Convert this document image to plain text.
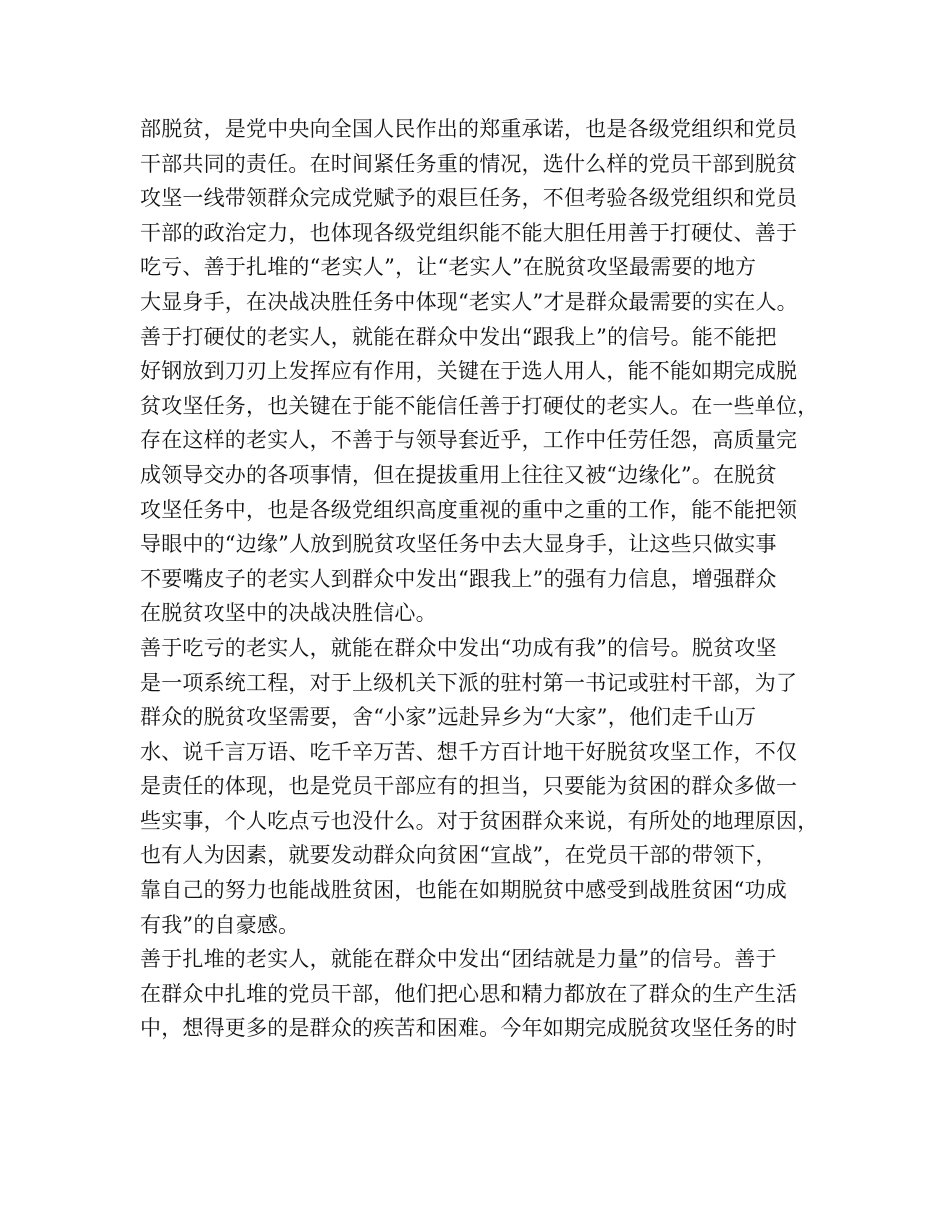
部脱贫，是党中央向全国人民作出的郑重承诺，也是各级党组织和党员
干部共同的责任。在时间紧任务重的情况，选什么样的党员干部到脱贫
攻坚一线带领群众完成党赋予的艰巨任务，不但考验各级党组织和党员
干部的政治定力，也体现各级党组织能不能大胆任用善于打硬仗、善于
吃亏、善于扎堆的“老实人”，让“老实人”在脱贫攻坚最需要的地方
大显身手，在决战决胜任务中体现“老实人”才是群众最需要的实在人。
善于打硬仗的老实人，就能在群众中发出“跟我上”的信号。能不能把
好钢放到刀刃上发挥应有作用，关键在于选人用人，能不能如期完成脱
贫攻坚任务，也关键在于能不能信任善于打硬仗的老实人。在一些单位，
存在这样的老实人，不善于与领导套近乎，工作中任劳任怨，高质量完
成领导交办的各项事情，但在提拔重用上往往又被“边缘化”。在脱贫
攻坚任务中，也是各级党组织高度重视的重中之重的工作，能不能把领
导眼中的“边缘”人放到脱贫攻坚任务中去大显身手，让这些只做实事
不要嘴皮子的老实人到群众中发出“跟我上”的强有力信息，增强群众
在脱贫攻坚中的决战决胜信心。
善于吃亏的老实人，就能在群众中发出“功成有我”的信号。脱贫攻坚
是一项系统工程，对于上级机关下派的驻村第一书记或驻村干部，为了
群众的脱贫攻坚需要，舍“小家”远赴异乡为“大家”，他们走千山万
水、说千言万语、吃千辛万苦、想千方百计地干好脱贫攻坚工作，不仅
是责任的体现，也是党员干部应有的担当，只要能为贫困的群众多做一
些实事，个人吃点亏也没什么。对于贫困群众来说，有所处的地理原因，
也有人为因素，就要发动群众向贫困“宣战”，在党员干部的带领下，
靠自己的努力也能战胜贫困，也能在如期脱贫中感受到战胜贫困“功成
有我”的自豪感。
善于扎堆的老实人，就能在群众中发出“团结就是力量”的信号。善于
在群众中扎堆的党员干部，他们把心思和精力都放在了群众的生产生活
中，想得更多的是群众的疾苦和困难。今年如期完成脱贫攻坚任务的时
